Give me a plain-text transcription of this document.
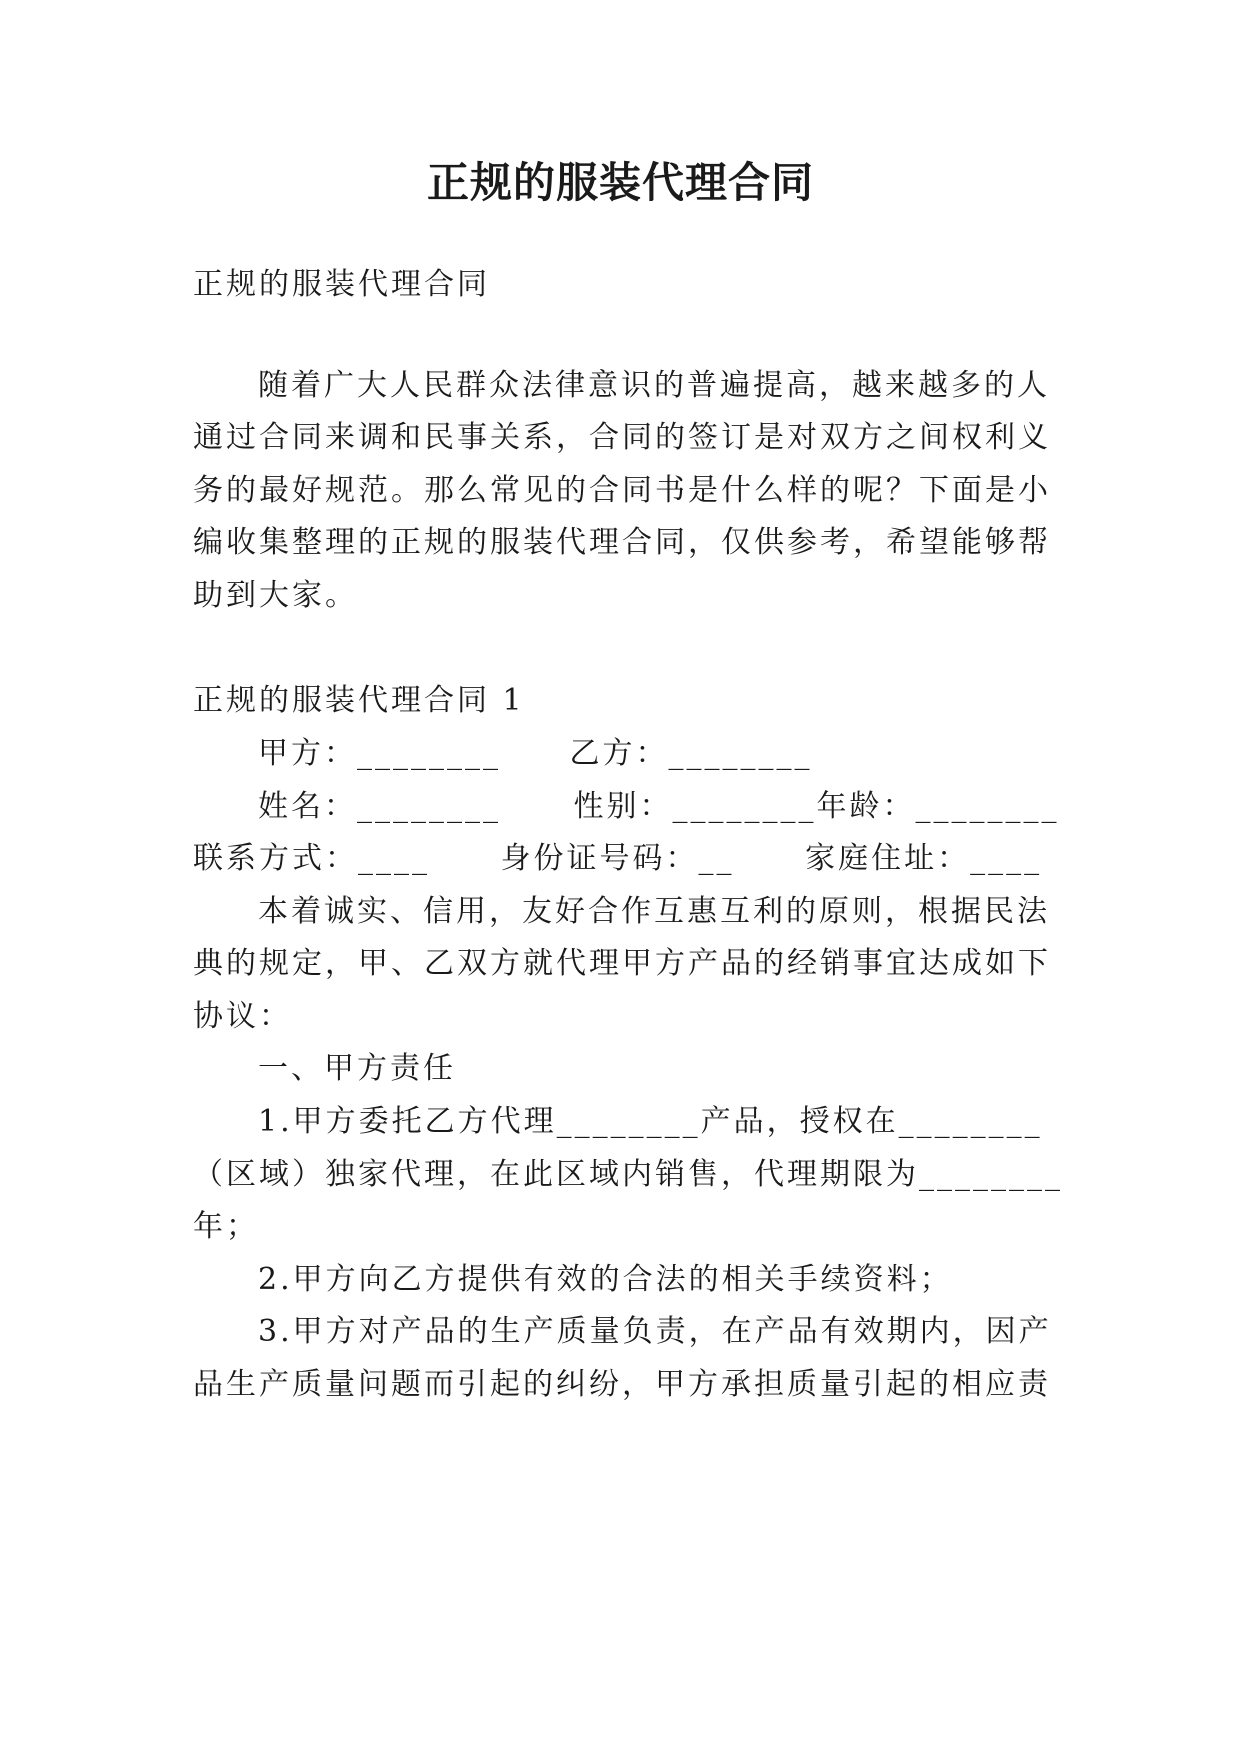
正规的服装代理合同
正规的服装代理合同
随着广大人民群众法律意识的普遍提高，越来越多的人
通过合同来调和民事关系，合同的签订是对双方之间权利义
务的最好规范。那么常见的合同书是什么样的呢？下面是小
编收集整理的正规的服装代理合同，仅供参考，希望能够帮
助到大家。
正规的服装代理合同 1
甲方：________ 乙方：________
姓名：________ 性别：________年龄：________
联系方式：____ 身份证号码：__ 家庭住址：____
本着诚实、信用，友好合作互惠互利的原则，根据民法
典的规定，甲、乙双方就代理甲方产品的经销事宜达成如下
协议：
一、甲方责任
1.甲方委托乙方代理________产品，授权在________
（区域）独家代理，在此区域内销售，代理期限为________
年；
2.甲方向乙方提供有效的合法的相关手续资料；
3.甲方对产品的生产质量负责，在产品有效期内，因产
品生产质量问题而引起的纠纷，甲方承担质量引起的相应责
